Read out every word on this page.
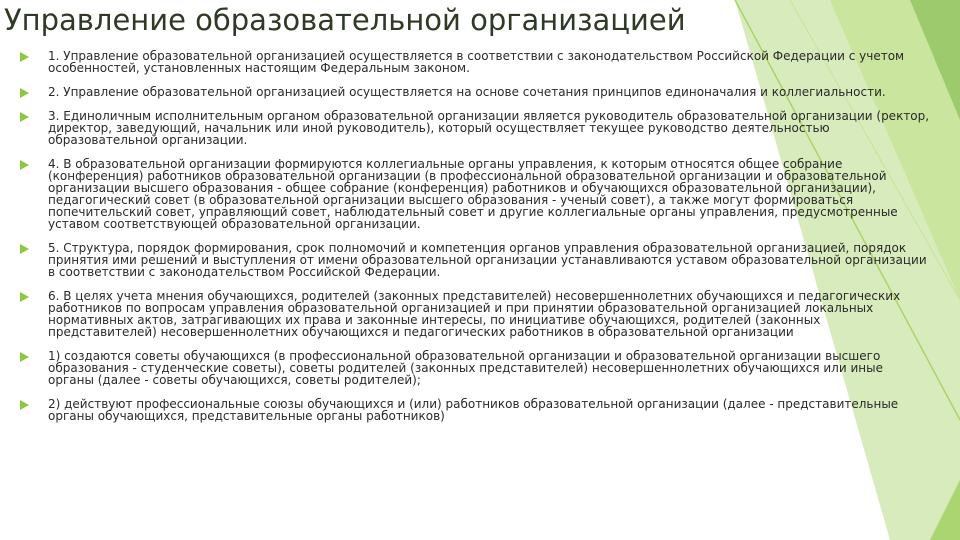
Управление образовательной организацией
1. Управление образовательной организацией осуществляется в соответствии с законодательством Российской Федерации с учетом особенностей, установленных настоящим Федеральным законом.
2. Управление образовательной организацией осуществляется на основе сочетания принципов единоначалия и коллегиальности.
3. Единоличным исполнительным органом образовательной организации является руководитель образовательной организации (ректор, директор, заведующий, начальник или иной руководитель), который осуществляет текущее руководство деятельностью образовательной организации.
4. В образовательной организации формируются коллегиальные органы управления, к которым относятся общее собрание (конференция) работников образовательной организации (в профессиональной образовательной организации и образовательной организации высшего образования - общее собрание (конференция) работников и обучающихся образовательной организации), педагогический совет (в образовательной организации высшего образования - ученый совет), а также могут формироваться попечительский совет, управляющий совет, наблюдательный совет и другие коллегиальные органы управления, предусмотренные уставом соответствующей образовательной организации.
5. Структура, порядок формирования, срок полномочий и компетенция органов управления образовательной организацией, порядок принятия ими решений и выступления от имени образовательной организации устанавливаются уставом образовательной организации в соответствии с законодательством Российской Федерации.
6. В целях учета мнения обучающихся, родителей (законных представителей) несовершеннолетних обучающихся и педагогических работников по вопросам управления образовательной организацией и при принятии образовательной организацией локальных нормативных актов, затрагивающих их права и законные интересы, по инициативе обучающихся, родителей (законных представителей) несовершеннолетних обучающихся и педагогических работников в образовательной организации
1) создаются советы обучающихся (в профессиональной образовательной организации и образовательной организации высшего образования - студенческие советы), советы родителей (законных представителей) несовершеннолетних обучающихся или иные органы (далее - советы обучающихся, советы родителей);
2) действуют профессиональные союзы обучающихся и (или) работников образовательной организации (далее - представительные органы обучающихся, представительные органы работников)
